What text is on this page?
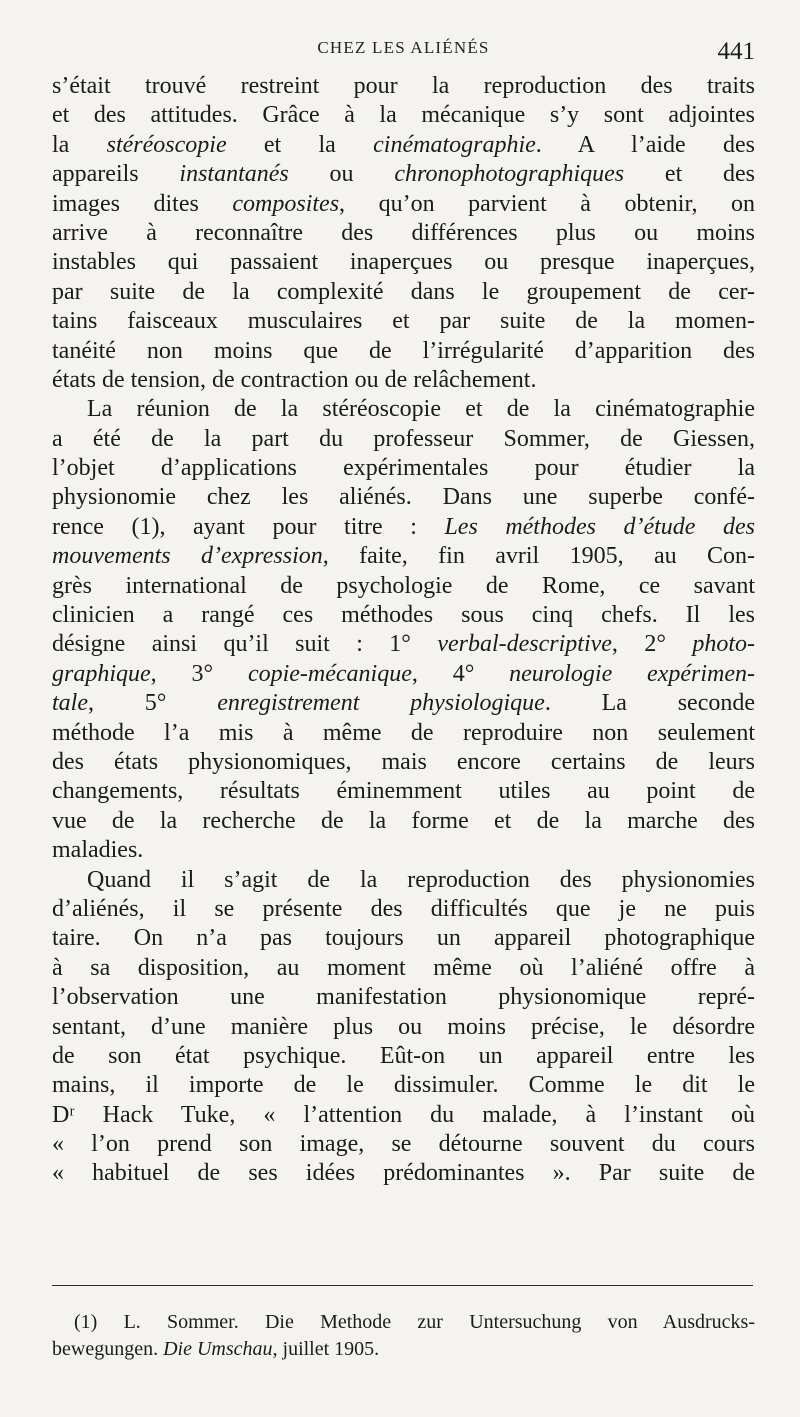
CHEZ LES ALIÉNÉS	441
s’était trouvé restreint pour la reproduction des traits
et des attitudes. Grâce à la mécanique s’y sont adjointes
la stéréoscopie et la cinématographie. A l’aide des
appareils instantanés ou chronophotographiques et des
images dites composites, qu’on parvient à obtenir, on
arrive à reconnaître des différences plus ou moins
instables qui passaient inaperçues ou presque inaperçues,
par suite de la complexité dans le groupement de cer-
tains faisceaux musculaires et par suite de la momen-
tanéité non moins que de l’irrégularité d’apparition des
états de tension, de contraction ou de relâchement.
La réunion de la stéréoscopie et de la cinématographie
a été de la part du professeur Sommer, de Giessen,
l’objet d’applications expérimentales pour étudier la
physionomie chez les aliénés. Dans une superbe confé-
rence (1), ayant pour titre : Les méthodes d’étude des
mouvements d’expression, faite, fin avril 1905, au Con-
grès international de psychologie de Rome, ce savant
clinicien a rangé ces méthodes sous cinq chefs. Il les
désigne ainsi qu’il suit : 1° verbal-descriptive, 2° photo-
graphique, 3° copie-mécanique, 4° neurologie expérimen-
tale, 5° enregistrement physiologique. La seconde
méthode l’a mis à même de reproduire non seulement
des états physionomiques, mais encore certains de leurs
changements, résultats éminemment utiles au point de
vue de la recherche de la forme et de la marche des
maladies.
Quand il s’agit de la reproduction des physionomies
d’aliénés, il se présente des difficultés que je ne puis
taire. On n’a pas toujours un appareil photographique
à sa disposition, au moment même où l’aliéné offre à
l’observation une manifestation physionomique repré-
sentant, d’une manière plus ou moins précise, le désordre
de son état psychique. Eût-on un appareil entre les
mains, il importe de le dissimuler. Comme le dit le
Dʳ Hack Tuke, « l’attention du malade, à l’instant où
« l’on prend son image, se détourne souvent du cours
« habituel de ses idées prédominantes ». Par suite de
(1) L. Sommer. Die Methode zur Untersuchung von Ausdrucks-
bewegungen. Die Umschau, juillet 1905.
